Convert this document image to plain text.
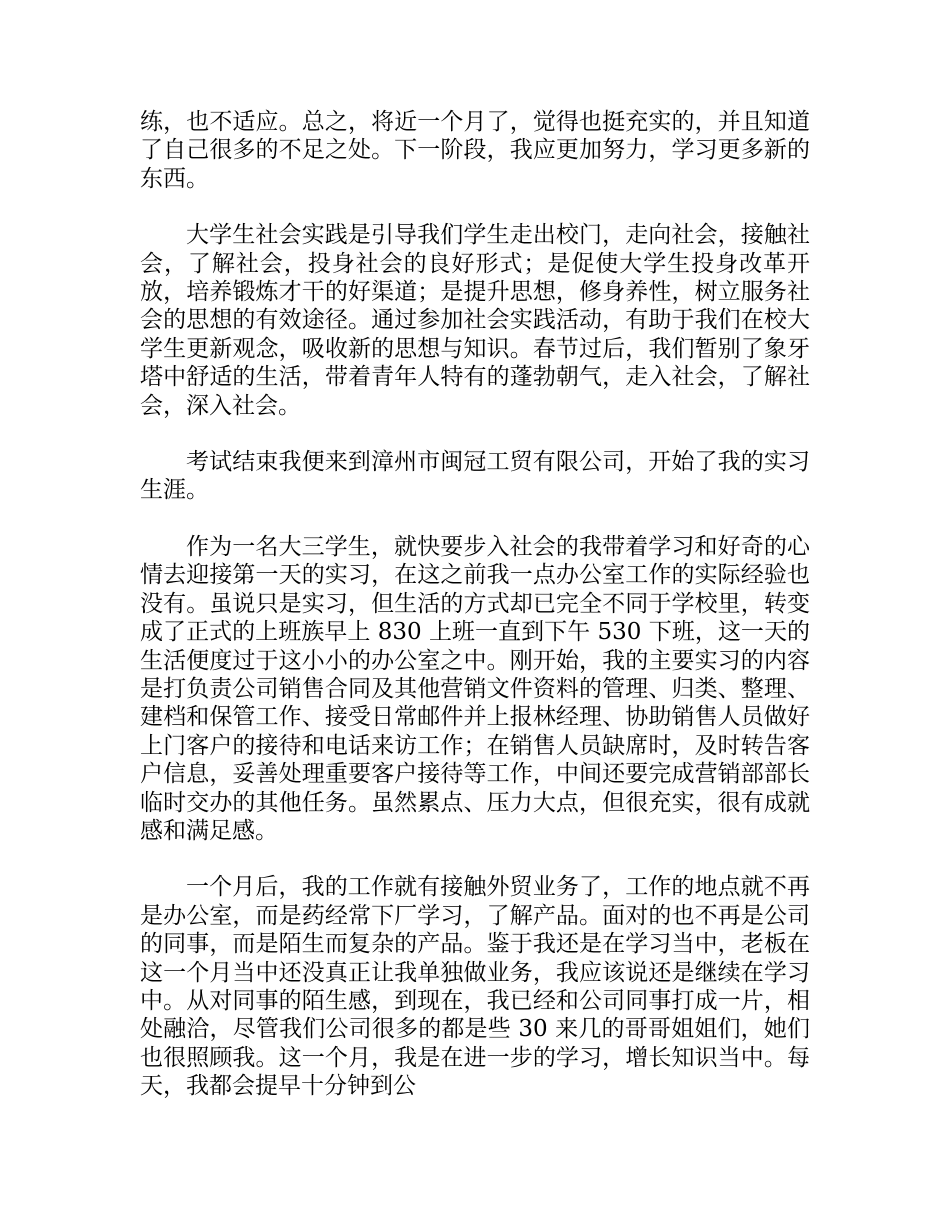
练，也不适应。总之，将近一个月了，觉得也挺充实的，并且知道了自己很多的不足之处。下一阶段，我应更加努力，学习更多新的东西。

大学生社会实践是引导我们学生走出校门，走向社会，接触社会，了解社会，投身社会的良好形式；是促使大学生投身改革开放，培养锻炼才干的好渠道；是提升思想，修身养性，树立服务社会的思想的有效途径。通过参加社会实践活动，有助于我们在校大学生更新观念，吸收新的思想与知识。春节过后，我们暂别了象牙塔中舒适的生活，带着青年人特有的蓬勃朝气，走入社会，了解社会，深入社会。

考试结束我便来到漳州市闽冠工贸有限公司，开始了我的实习生涯。

作为一名大三学生，就快要步入社会的我带着学习和好奇的心情去迎接第一天的实习，在这之前我一点办公室工作的实际经验也没有。虽说只是实习，但生活的方式却已完全不同于学校里，转变成了正式的上班族早上 830 上班一直到下午 530 下班，这一天的生活便度过于这小小的办公室之中。刚开始，我的主要实习的内容是打负责公司销售合同及其他营销文件资料的管理、归类、整理、建档和保管工作、接受日常邮件并上报林经理、协助销售人员做好上门客户的接待和电话来访工作；在销售人员缺席时，及时转告客户信息，妥善处理重要客户接待等工作，中间还要完成营销部部长临时交办的其他任务。虽然累点、压力大点，但很充实，很有成就感和满足感。

一个月后，我的工作就有接触外贸业务了，工作的地点就不再是办公室，而是药经常下厂学习，了解产品。面对的也不再是公司的同事，而是陌生而复杂的产品。鉴于我还是在学习当中，老板在这一个月当中还没真正让我单独做业务，我应该说还是继续在学习中。从对同事的陌生感，到现在，我已经和公司同事打成一片，相处融洽，尽管我们公司很多的都是些 30 来几的哥哥姐姐们，她们也很照顾我。这一个月，我是在进一步的学习，增长知识当中。每天，我都会提早十分钟到公
